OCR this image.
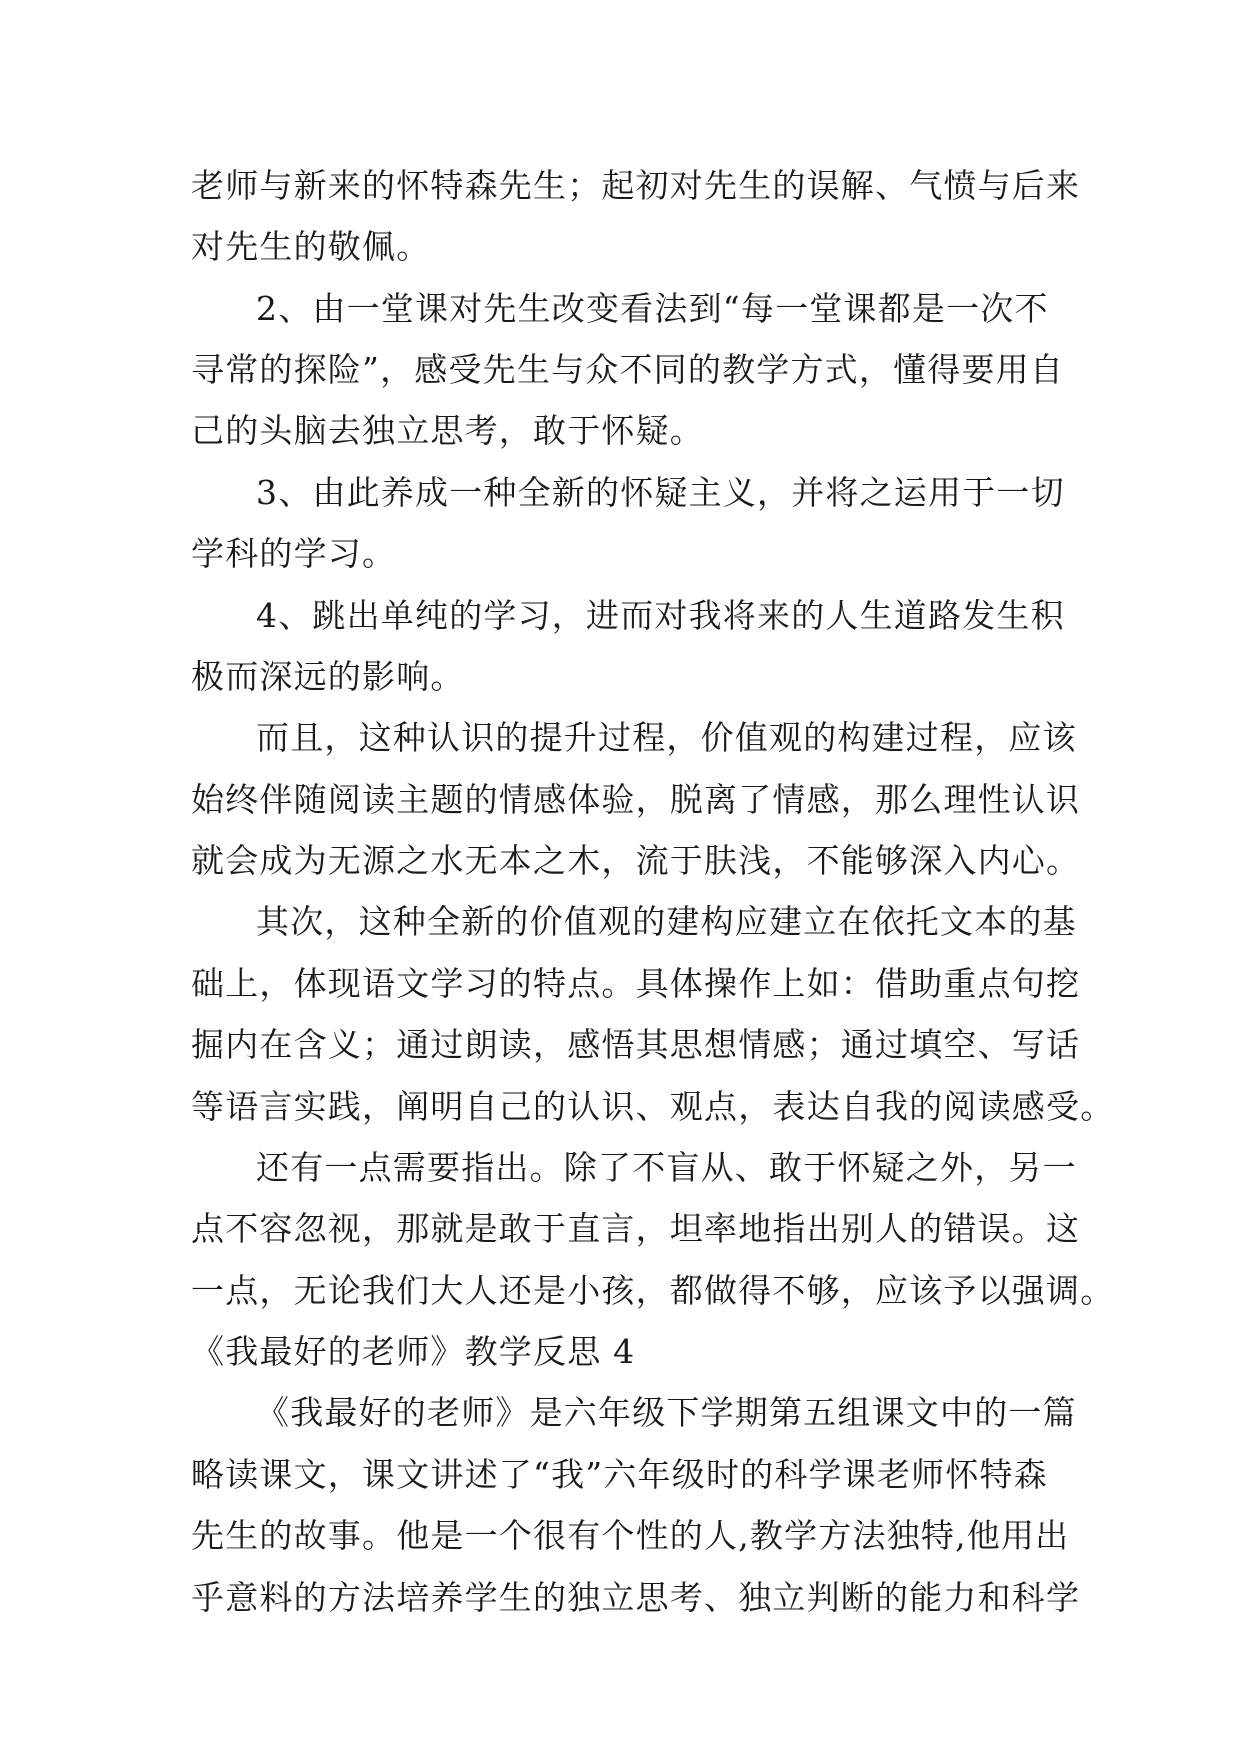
老师与新来的怀特森先生；起初对先生的误解、气愤与后来
对先生的敬佩。
2、由一堂课对先生改变看法到“每一堂课都是一次不
寻常的探险”，感受先生与众不同的教学方式，懂得要用自
己的头脑去独立思考，敢于怀疑。
3、由此养成一种全新的怀疑主义，并将之运用于一切
学科的学习。
4、跳出单纯的学习，进而对我将来的人生道路发生积
极而深远的影响。
而且，这种认识的提升过程，价值观的构建过程，应该
始终伴随阅读主题的情感体验，脱离了情感，那么理性认识
就会成为无源之水无本之木，流于肤浅，不能够深入内心。
其次，这种全新的价值观的建构应建立在依托文本的基
础上，体现语文学习的特点。具体操作上如：借助重点句挖
掘内在含义；通过朗读，感悟其思想情感；通过填空、写话
等语言实践，阐明自己的认识、观点，表达自我的阅读感受。
还有一点需要指出。除了不盲从、敢于怀疑之外，另一
点不容忽视，那就是敢于直言，坦率地指出别人的错误。这
一点，无论我们大人还是小孩，都做得不够，应该予以强调。
《我最好的老师》教学反思 4
《我最好的老师》是六年级下学期第五组课文中的一篇
略读课文，课文讲述了“我”六年级时的科学课老师怀特森
先生的故事。他是一个很有个性的人,教学方法独特,他用出
乎意料的方法培养学生的独立思考、独立判断的能力和科学
